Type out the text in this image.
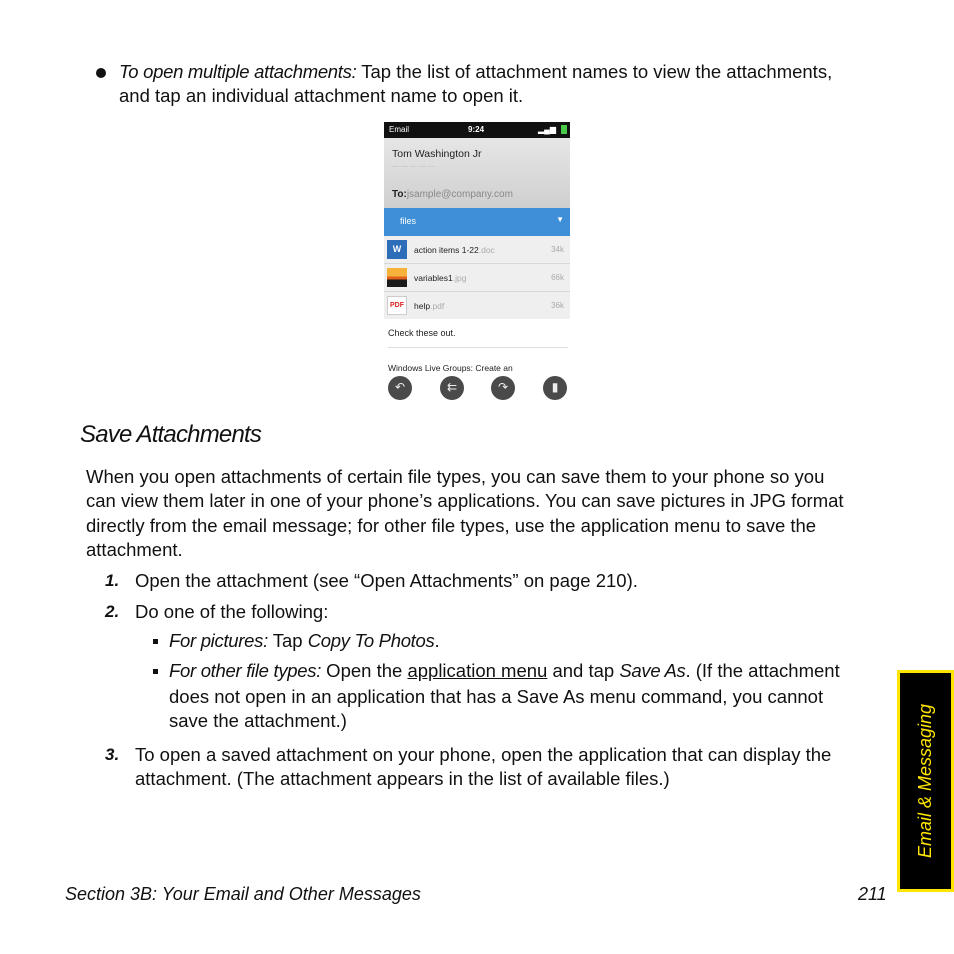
To open multiple attachments: Tap the list of attachment names to view the attachments,
and tap an individual attachment name to open it.
Email	9:24	▂▄▆
Tom Washington Jr
— — — — —
To:jsample@company.com
files	▼
W	action items 1-22.doc	34k
variables1.jpg	66k
PDF	help.pdf	36k
Check these out.
Windows Live Groups: Create an
↶	⇇	↷	▮
Save Attachments
When you open attachments of certain file types, you can save them to your phone so you
can view them later in one of your phone’s applications. You can save pictures in JPG format
directly from the email message; for other file types, use the application menu to save the
attachment.
1. Open the attachment (see “Open Attachments” on page 210).
2. Do one of the following:
For pictures: Tap Copy To Photos.
For other file types: Open the application menu and tap Save As. (If the attachment
does not open in an application that has a Save As menu command, you cannot
save the attachment.)
3. To open a saved attachment on your phone, open the application that can display the
attachment. (The attachment appears in the list of available files.)	Email & Messaging
Section 3B: Your Email and Other Messages	211
